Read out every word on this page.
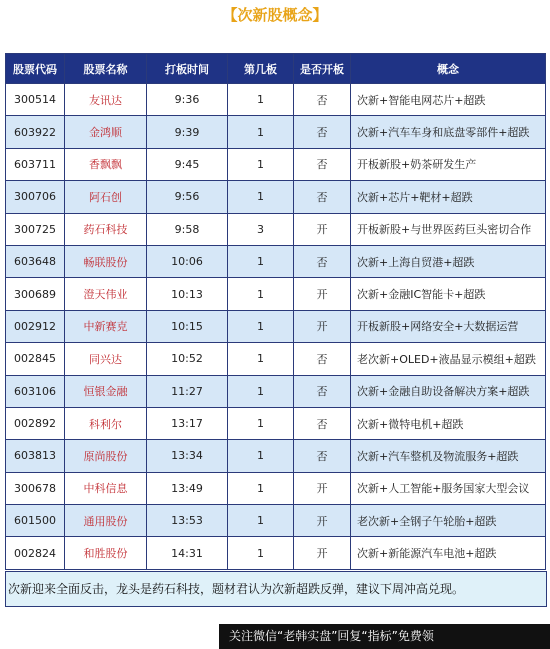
【次新股概念】
股票代码	股票名称	打板时间	第几板	是否开板	概念
300514	友讯达	9:36	1	否	次新+智能电网芯片+超跌
603922	金鸿顺	9:39	1	否	次新+汽车车身和底盘零部件+超跌
603711	香飘飘	9:45	1	否	开板新股+奶茶研发生产
300706	阿石创	9:56	1	否	次新+芯片+靶材+超跌
300725	药石科技	9:58	3	开	开板新股+与世界医药巨头密切合作
603648	畅联股份	10:06	1	否	次新+上海自贸港+超跌
300689	澄天伟业	10:13	1	开	次新+金融IC智能卡+超跌
002912	中新赛克	10:15	1	开	开板新股+网络安全+大数据运营
002845	同兴达	10:52	1	否	老次新+OLED+液晶显示模组+超跌
603106	恒银金融	11:27	1	否	次新+金融自助设备解决方案+超跌
002892	科利尔	13:17	1	否	次新+微特电机+超跌
603813	原尚股份	13:34	1	否	次新+汽车整机及物流服务+超跌
300678	中科信息	13:49	1	开	次新+人工智能+服务国家大型会议
601500	通用股份	13:53	1	开	老次新+全钢子午轮胎+超跌
002824	和胜股份	14:31	1	开	次新+新能源汽车电池+超跌
次新迎来全面反击，龙头是药石科技，题材君认为次新超跌反弹，建议下周冲高兑现。
关注微信“老韩实盘”回复“指标”免费领
